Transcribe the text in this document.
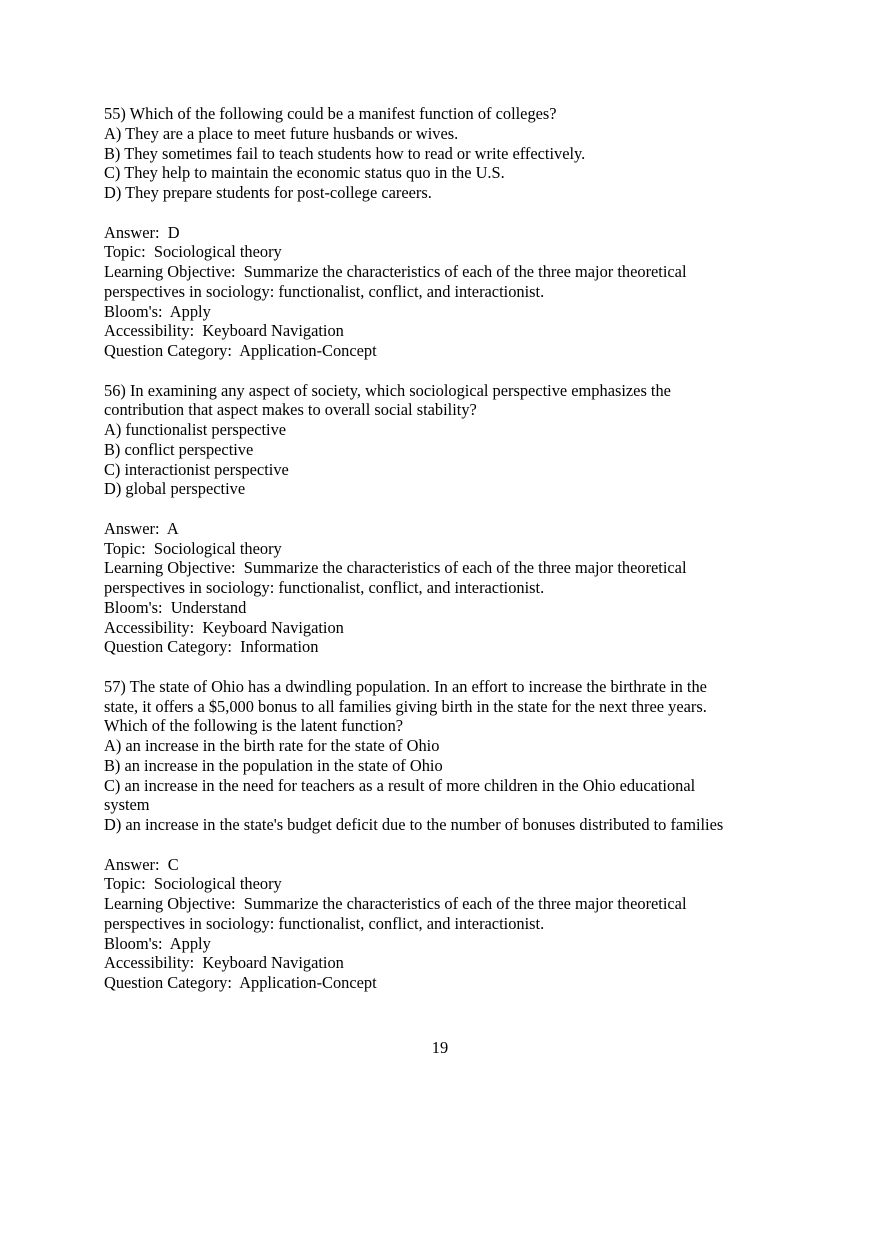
55) Which of the following could be a manifest function of colleges?
A) They are a place to meet future husbands or wives.
B) They sometimes fail to teach students how to read or write effectively.
C) They help to maintain the economic status quo in the U.S.
D) They prepare students for post-college careers.
Answer:  D
Topic:  Sociological theory
Learning Objective:  Summarize the characteristics of each of the three major theoretical
perspectives in sociology: functionalist, conflict, and interactionist.
Bloom's:  Apply
Accessibility:  Keyboard Navigation
Question Category:  Application-Concept
56) In examining any aspect of society, which sociological perspective emphasizes the
contribution that aspect makes to overall social stability?
A) functionalist perspective
B) conflict perspective
C) interactionist perspective
D) global perspective
Answer:  A
Topic:  Sociological theory
Learning Objective:  Summarize the characteristics of each of the three major theoretical
perspectives in sociology: functionalist, conflict, and interactionist.
Bloom's:  Understand
Accessibility:  Keyboard Navigation
Question Category:  Information
57) The state of Ohio has a dwindling population. In an effort to increase the birthrate in the
state, it offers a $5,000 bonus to all families giving birth in the state for the next three years.
Which of the following is the latent function?
A) an increase in the birth rate for the state of Ohio
B) an increase in the population in the state of Ohio
C) an increase in the need for teachers as a result of more children in the Ohio educational
system
D) an increase in the state's budget deficit due to the number of bonuses distributed to families
Answer:  C
Topic:  Sociological theory
Learning Objective:  Summarize the characteristics of each of the three major theoretical
perspectives in sociology: functionalist, conflict, and interactionist.
Bloom's:  Apply
Accessibility:  Keyboard Navigation
Question Category:  Application-Concept
19
